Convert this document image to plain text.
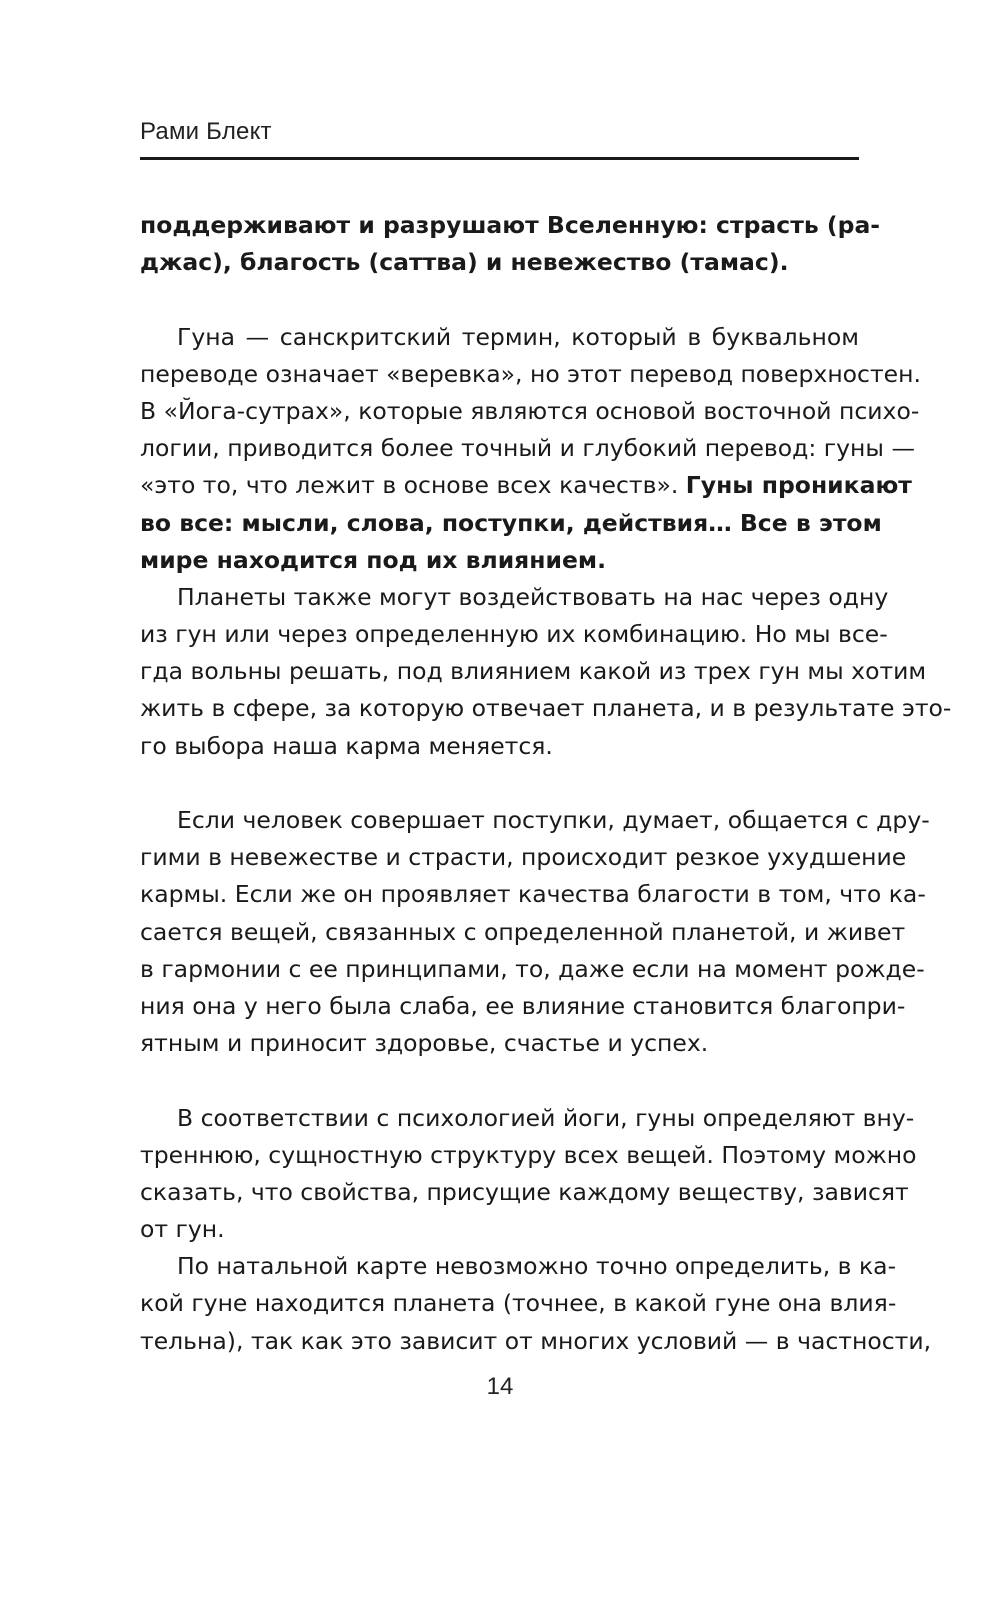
Рами Блект
поддерживают и разрушают Вселенную: страсть (ра-
джас), благость (саттва) и невежество (тамас).
Гуна — санскритский термин, который в буквальном
переводе означает «веревка», но этот перевод поверхностен.
В «Йога-сутрах», которые являются основой восточной психо-
логии, приводится более точный и глубокий перевод: гуны —
«это то, что лежит в основе всех качеств». Гуны проникают
во все: мысли, слова, поступки, действия… Все в этом
мире находится под их влиянием.
Планеты также могут воздействовать на нас через одну
из гун или через определенную их комбинацию. Но мы все-
гда вольны решать, под влиянием какой из трех гун мы хотим
жить в сфере, за которую отвечает планета, и в результате это-
го выбора наша карма меняется.
Если человек совершает поступки, думает, общается с дру-
гими в невежестве и страсти, происходит резкое ухудшение
кармы. Если же он проявляет качества благости в том, что ка-
сается вещей, связанных с определенной планетой, и живет
в гармонии с ее принципами, то, даже если на момент рожде-
ния она у него была слаба, ее влияние становится благопри-
ятным и приносит здоровье, счастье и успех.
В соответствии с психологией йоги, гуны определяют вну-
треннюю, сущностную структуру всех вещей. Поэтому можно
сказать, что свойства, присущие каждому веществу, зависят
от гун.
По натальной карте невозможно точно определить, в ка-
кой гуне находится планета (точнее, в какой гуне она влия-
тельна), так как это зависит от многих условий — в частности,
14
